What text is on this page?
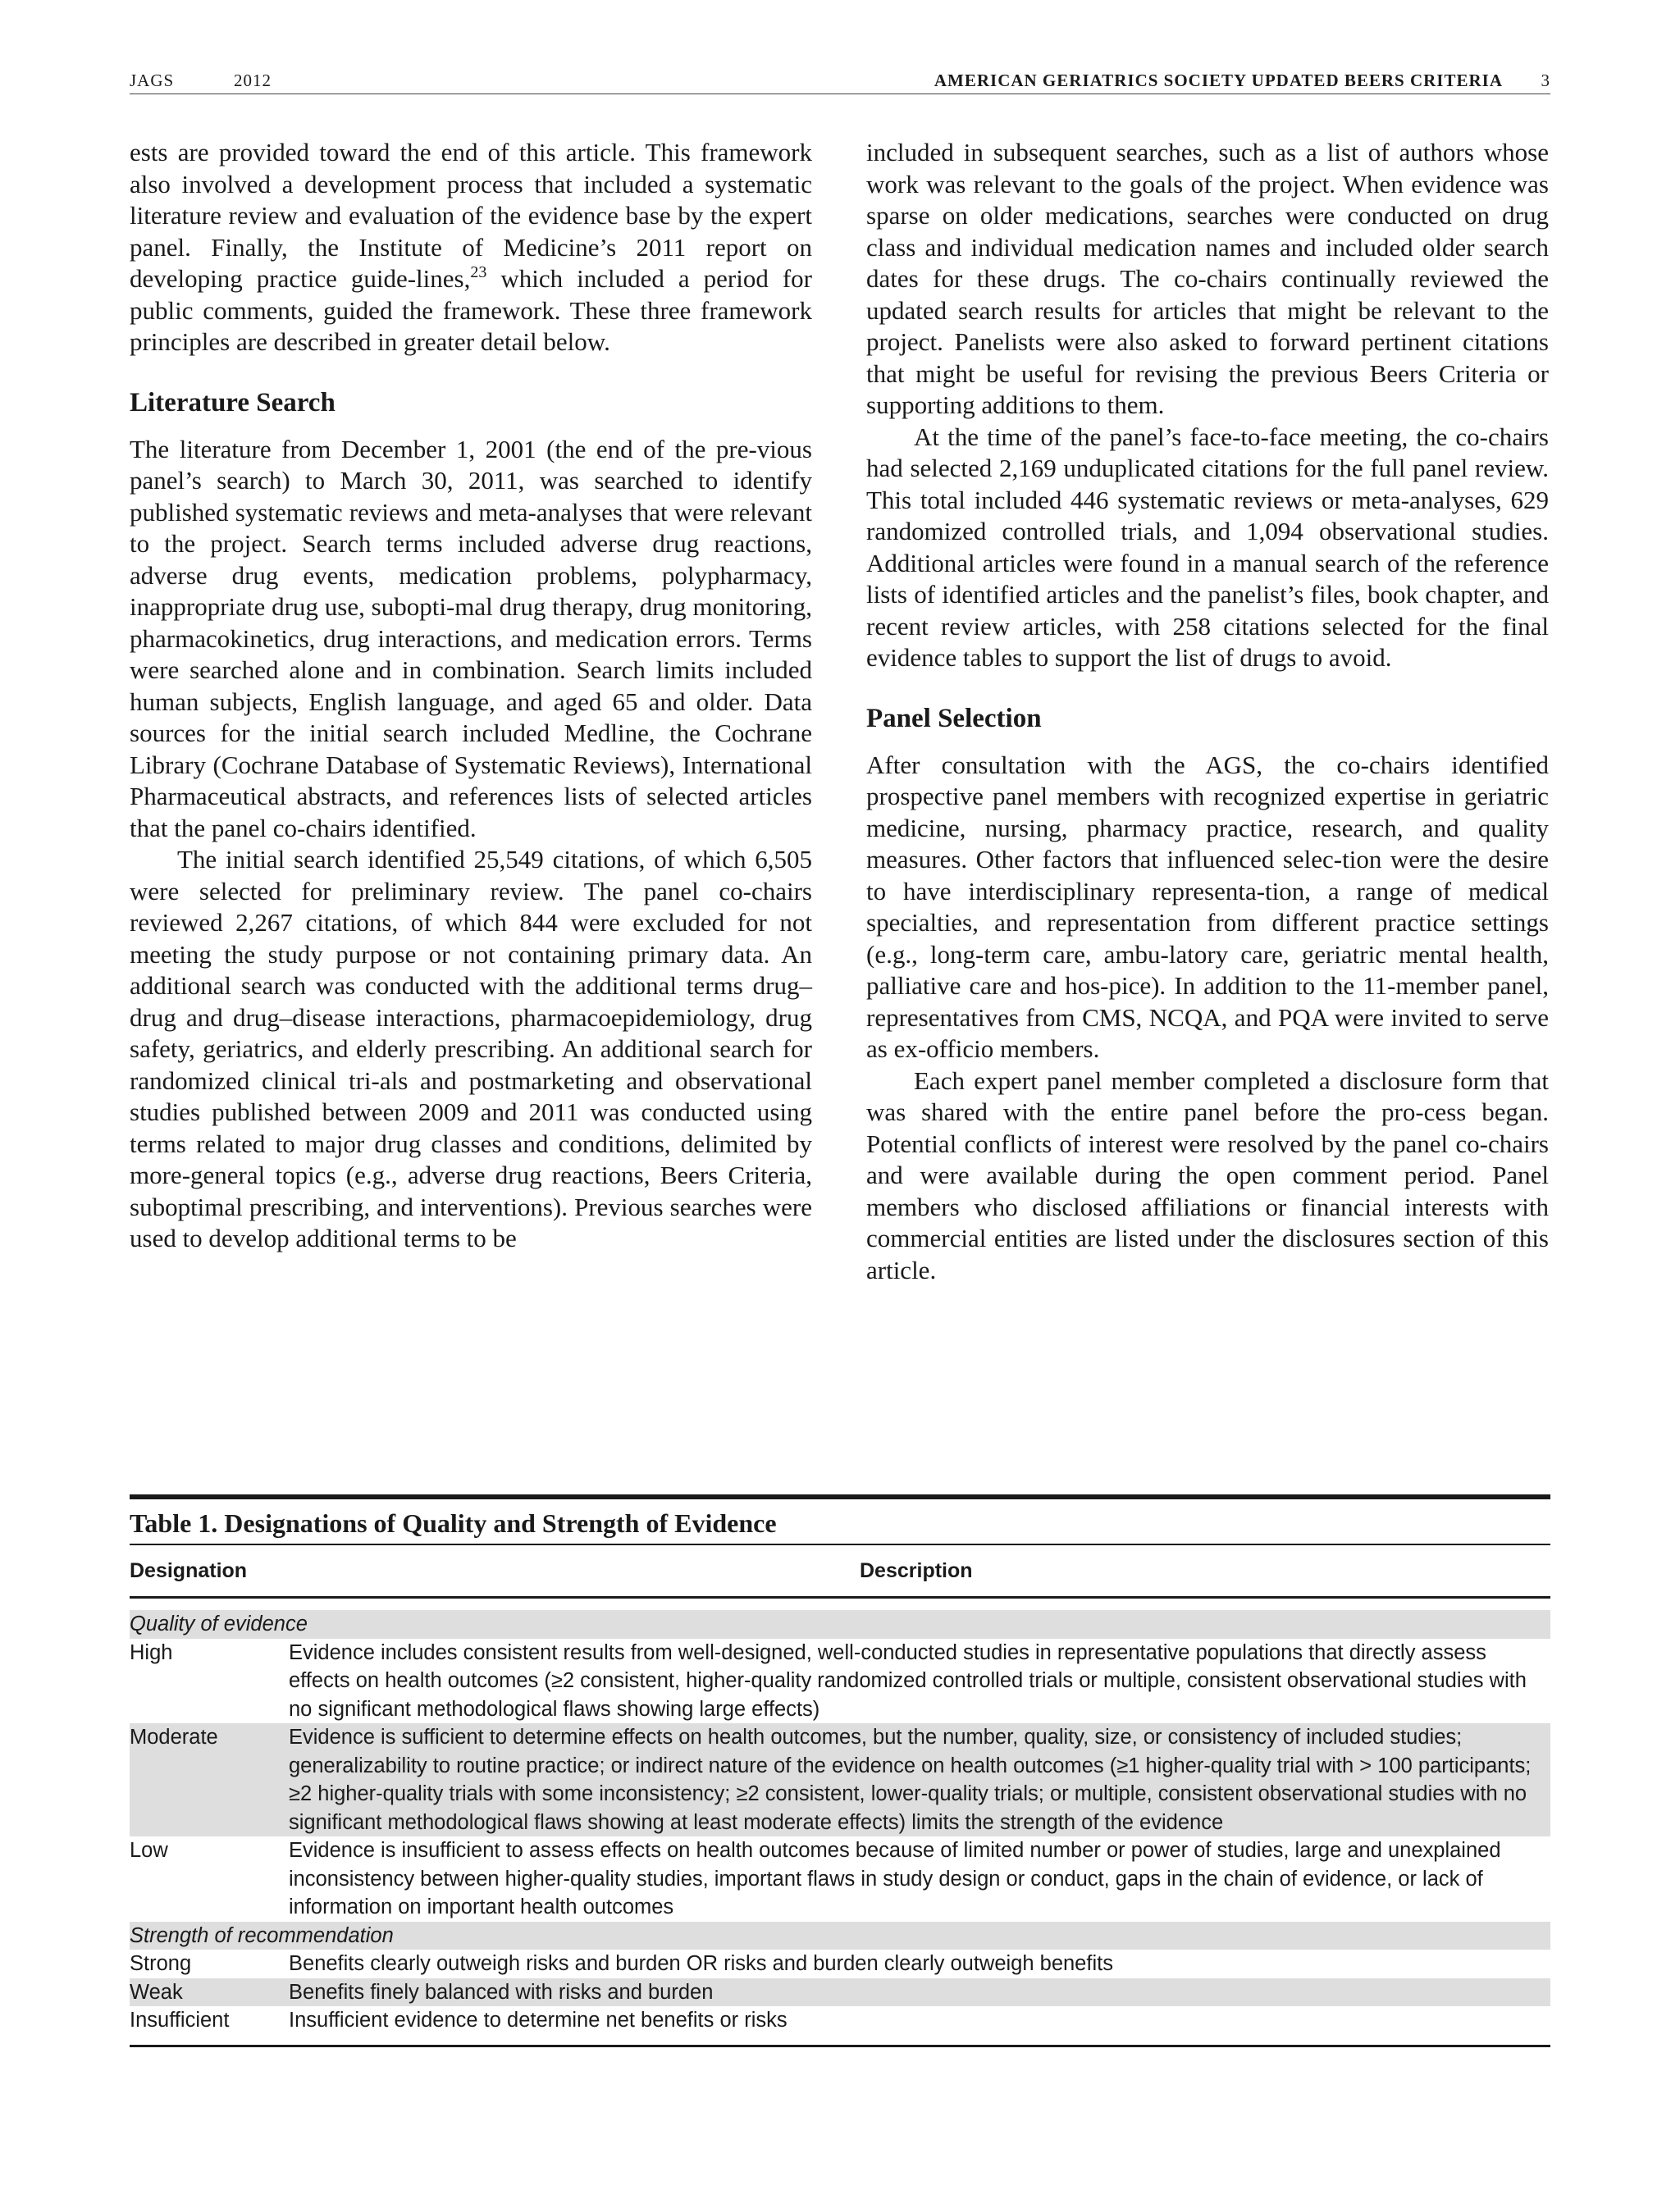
JAGS	2012	AMERICAN GERIATRICS SOCIETY UPDATED BEERS CRITERIA 3

ests are provided toward the end of this article. This framework also involved a development process that included a systematic literature review and evaluation of the evidence base by the expert panel. Finally, the Institute of Medicine’s 2011 report on developing practice guide-lines,$^{23}$ which included a period for public comments, guided the framework. These three framework principles are described in greater detail below.

Literature Search

The literature from December 1, 2001 (the end of the pre-vious panel’s search) to March 30, 2011, was searched to identify published systematic reviews and meta-analyses that were relevant to the project. Search terms included adverse drug reactions, adverse drug events, medication problems, polypharmacy, inappropriate drug use, subopti-mal drug therapy, drug monitoring, pharmacokinetics, drug interactions, and medication errors. Terms were searched alone and in combination. Search limits included human subjects, English language, and aged 65 and older. Data sources for the initial search included Medline, the Cochrane Library (Cochrane Database of Systematic Reviews), International Pharmaceutical abstracts, and references lists of selected articles that the panel co-chairs identified.

The initial search identified 25,549 citations, of which 6,505 were selected for preliminary review. The panel co-chairs reviewed 2,267 citations, of which 844 were excluded for not meeting the study purpose or not containing primary data. An additional search was conducted with the additional terms drug–drug and drug–disease interactions, pharmacoepidemiology, drug safety, geriatrics, and elderly prescribing. An additional search for randomized clinical tri-als and postmarketing and observational studies published between 2009 and 2011 was conducted using terms related to major drug classes and conditions, delimited by more-general topics (e.g., adverse drug reactions, Beers Criteria, suboptimal prescribing, and interventions). Previous searches were used to develop additional terms to be

included in subsequent searches, such as a list of authors whose work was relevant to the goals of the project. When evidence was sparse on older medications, searches were conducted on drug class and individual medication names and included older search dates for these drugs. The co-chairs continually reviewed the updated search results for articles that might be relevant to the project. Panelists were also asked to forward pertinent citations that might be useful for revising the previous Beers Criteria or supporting additions to them.

At the time of the panel’s face-to-face meeting, the co-chairs had selected 2,169 unduplicated citations for the full panel review. This total included 446 systematic reviews or meta-analyses, 629 randomized controlled trials, and 1,094 observational studies. Additional articles were found in a manual search of the reference lists of identified articles and the panelist’s files, book chapter, and recent review articles, with 258 citations selected for the final evidence tables to support the list of drugs to avoid.

Panel Selection

After consultation with the AGS, the co-chairs identified prospective panel members with recognized expertise in geriatric medicine, nursing, pharmacy practice, research, and quality measures. Other factors that influenced selec-tion were the desire to have interdisciplinary representa-tion, a range of medical specialties, and representation from different practice settings (e.g., long-term care, ambu-latory care, geriatric mental health, palliative care and hos-pice). In addition to the 11-member panel, representatives from CMS, NCQA, and PQA were invited to serve as ex-officio members.

Each expert panel member completed a disclosure form that was shared with the entire panel before the pro-cess began. Potential conflicts of interest were resolved by the panel co-chairs and were available during the open comment period. Panel members who disclosed affiliations or financial interests with commercial entities are listed under the disclosures section of this article.

Table 1. Designations of Quality and Strength of Evidence
Designation	Description
Quality of evidence
High	Evidence includes consistent results from well-designed, well-conducted studies in representative populations that directly assess effects on health outcomes (≥2 consistent, higher-quality randomized controlled trials or multiple, consistent observational studies with no significant methodological flaws showing large effects)
Moderate	Evidence is sufficient to determine effects on health outcomes, but the number, quality, size, or consistency of included studies; generalizability to routine practice; or indirect nature of the evidence on health outcomes (≥1 higher-quality trial with > 100 participants; ≥2 higher-quality trials with some inconsistency; ≥2 consistent, lower-quality trials; or multiple, consistent observational studies with no significant methodological flaws showing at least moderate effects) limits the strength of the evidence
Low	Evidence is insufficient to assess effects on health outcomes because of limited number or power of studies, large and unexplained inconsistency between higher-quality studies, important flaws in study design or conduct, gaps in the chain of evidence, or lack of information on important health outcomes
Strength of recommendation
Strong	Benefits clearly outweigh risks and burden OR risks and burden clearly outweigh benefits
Weak	Benefits finely balanced with risks and burden
Insufficient	Insufficient evidence to determine net benefits or risks
